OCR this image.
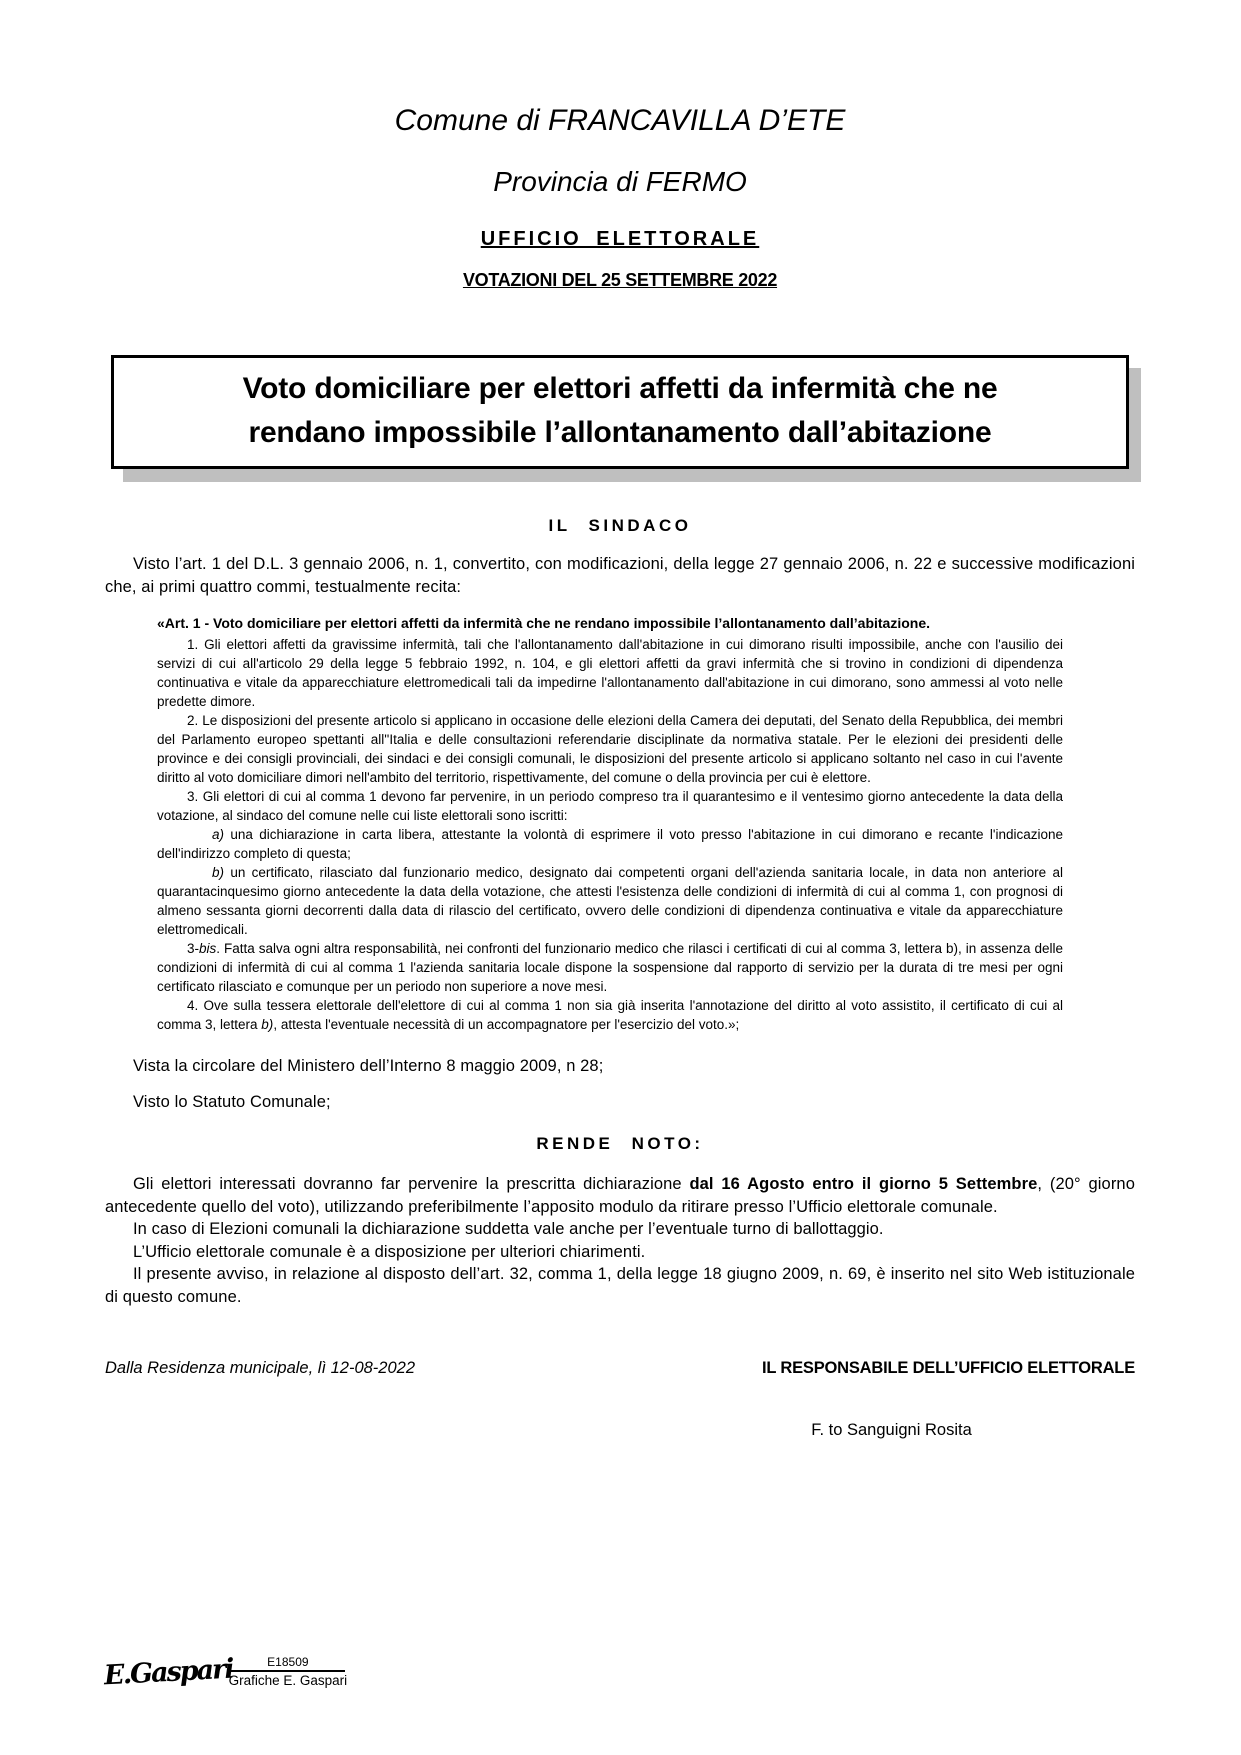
Comune di FRANCAVILLA D’ETE
Provincia di FERMO
UFFICIO ELETTORALE
VOTAZIONI DEL 25 SETTEMBRE 2022
Voto domiciliare per elettori affetti da infermità che ne
rendano impossibile l’allontanamento dall’abitazione
IL SINDACO

Visto l’art. 1 del D.L. 3 gennaio 2006, n. 1, convertito, con modificazioni, della legge 27 gennaio 2006, n. 22 e successive modificazioni che, ai primi quattro commi, testualmente recita:

«Art. 1 - Voto domiciliare per elettori affetti da infermità che ne rendano impossibile l’allontanamento dall’abitazione.

1. Gli elettori affetti da gravissime infermità, tali che l'allontanamento dall'abitazione in cui dimorano risulti impossibile, anche con l'ausilio dei servizi di cui all'articolo 29 della legge 5 febbraio 1992, n. 104, e gli elettori affetti da gravi infermità che si trovino in condizioni di dipendenza continuativa e vitale da apparecchiature elettromedicali tali da impedirne l'allontanamento dall'abitazione in cui dimorano, sono ammessi al voto nelle predette dimore.

2. Le disposizioni del presente articolo si applicano in occasione delle elezioni della Camera dei deputati, del Senato della Repubblica, dei membri del Parlamento europeo spettanti all''Italia e delle consultazioni referendarie disciplinate da normativa statale. Per le elezioni dei presidenti delle province e dei consigli provinciali, dei sindaci e dei consigli comunali, le disposizioni del presente articolo si applicano soltanto nel caso in cui l'avente diritto al voto domiciliare dimori nell'ambito del territorio, rispettivamente, del comune o della provincia per cui è elettore.

3. Gli elettori di cui al comma 1 devono far pervenire, in un periodo compreso tra il quarantesimo e il ventesimo giorno antecedente la data della votazione, al sindaco del comune nelle cui liste elettorali sono iscritti:

a) una dichiarazione in carta libera, attestante la volontà di esprimere il voto presso l'abitazione in cui dimorano e recante l'indicazione dell'indirizzo completo di questa;

b) un certificato, rilasciato dal funzionario medico, designato dai competenti organi dell'azienda sanitaria locale, in data non anteriore al quarantacinquesimo giorno antecedente la data della votazione, che attesti l'esistenza delle condizioni di infermità di cui al comma 1, con prognosi di almeno sessanta giorni decorrenti dalla data di rilascio del certificato, ovvero delle condizioni di dipendenza continuativa e vitale da apparecchiature elettromedicali.

3-bis. Fatta salva ogni altra responsabilità, nei confronti del funzionario medico che rilasci i certificati di cui al comma 3, lettera b), in assenza delle condizioni di infermità di cui al comma 1 l'azienda sanitaria locale dispone la sospensione dal rapporto di servizio per la durata di tre mesi per ogni certificato rilasciato e comunque per un periodo non superiore a nove mesi.

4. Ove sulla tessera elettorale dell'elettore di cui al comma 1 non sia già inserita l'annotazione del diritto al voto assistito, il certificato di cui al comma 3, lettera b), attesta l'eventuale necessità di un accompagnatore per l'esercizio del voto.»;

Vista la circolare del Ministero dell’Interno 8 maggio 2009, n 28;

Visto lo Statuto Comunale;

RENDE NOTO:

Gli elettori interessati dovranno far pervenire la prescritta dichiarazione dal 16 Agosto entro il giorno 5 Settembre, (20° giorno antecedente quello del voto), utilizzando preferibilmente l’apposito modulo da ritirare presso l’Ufficio elettorale comunale.

In caso di Elezioni comunali la dichiarazione suddetta vale anche per l’eventuale turno di ballottaggio.

L’Ufficio elettorale comunale è a disposizione per ulteriori chiarimenti.

Il presente avviso, in relazione al disposto dell’art. 32, comma 1, della legge 18 giugno 2009, n. 69, è inserito nel sito Web istituzionale di questo comune.

Dalla Residenza municipale, lì 12-08-2022	IL RESPONSABILE DELL’UFFICIO ELETTORALE
F. to Sanguigni Rosita
E.Gaspari	E18509
Grafiche E. Gaspari
